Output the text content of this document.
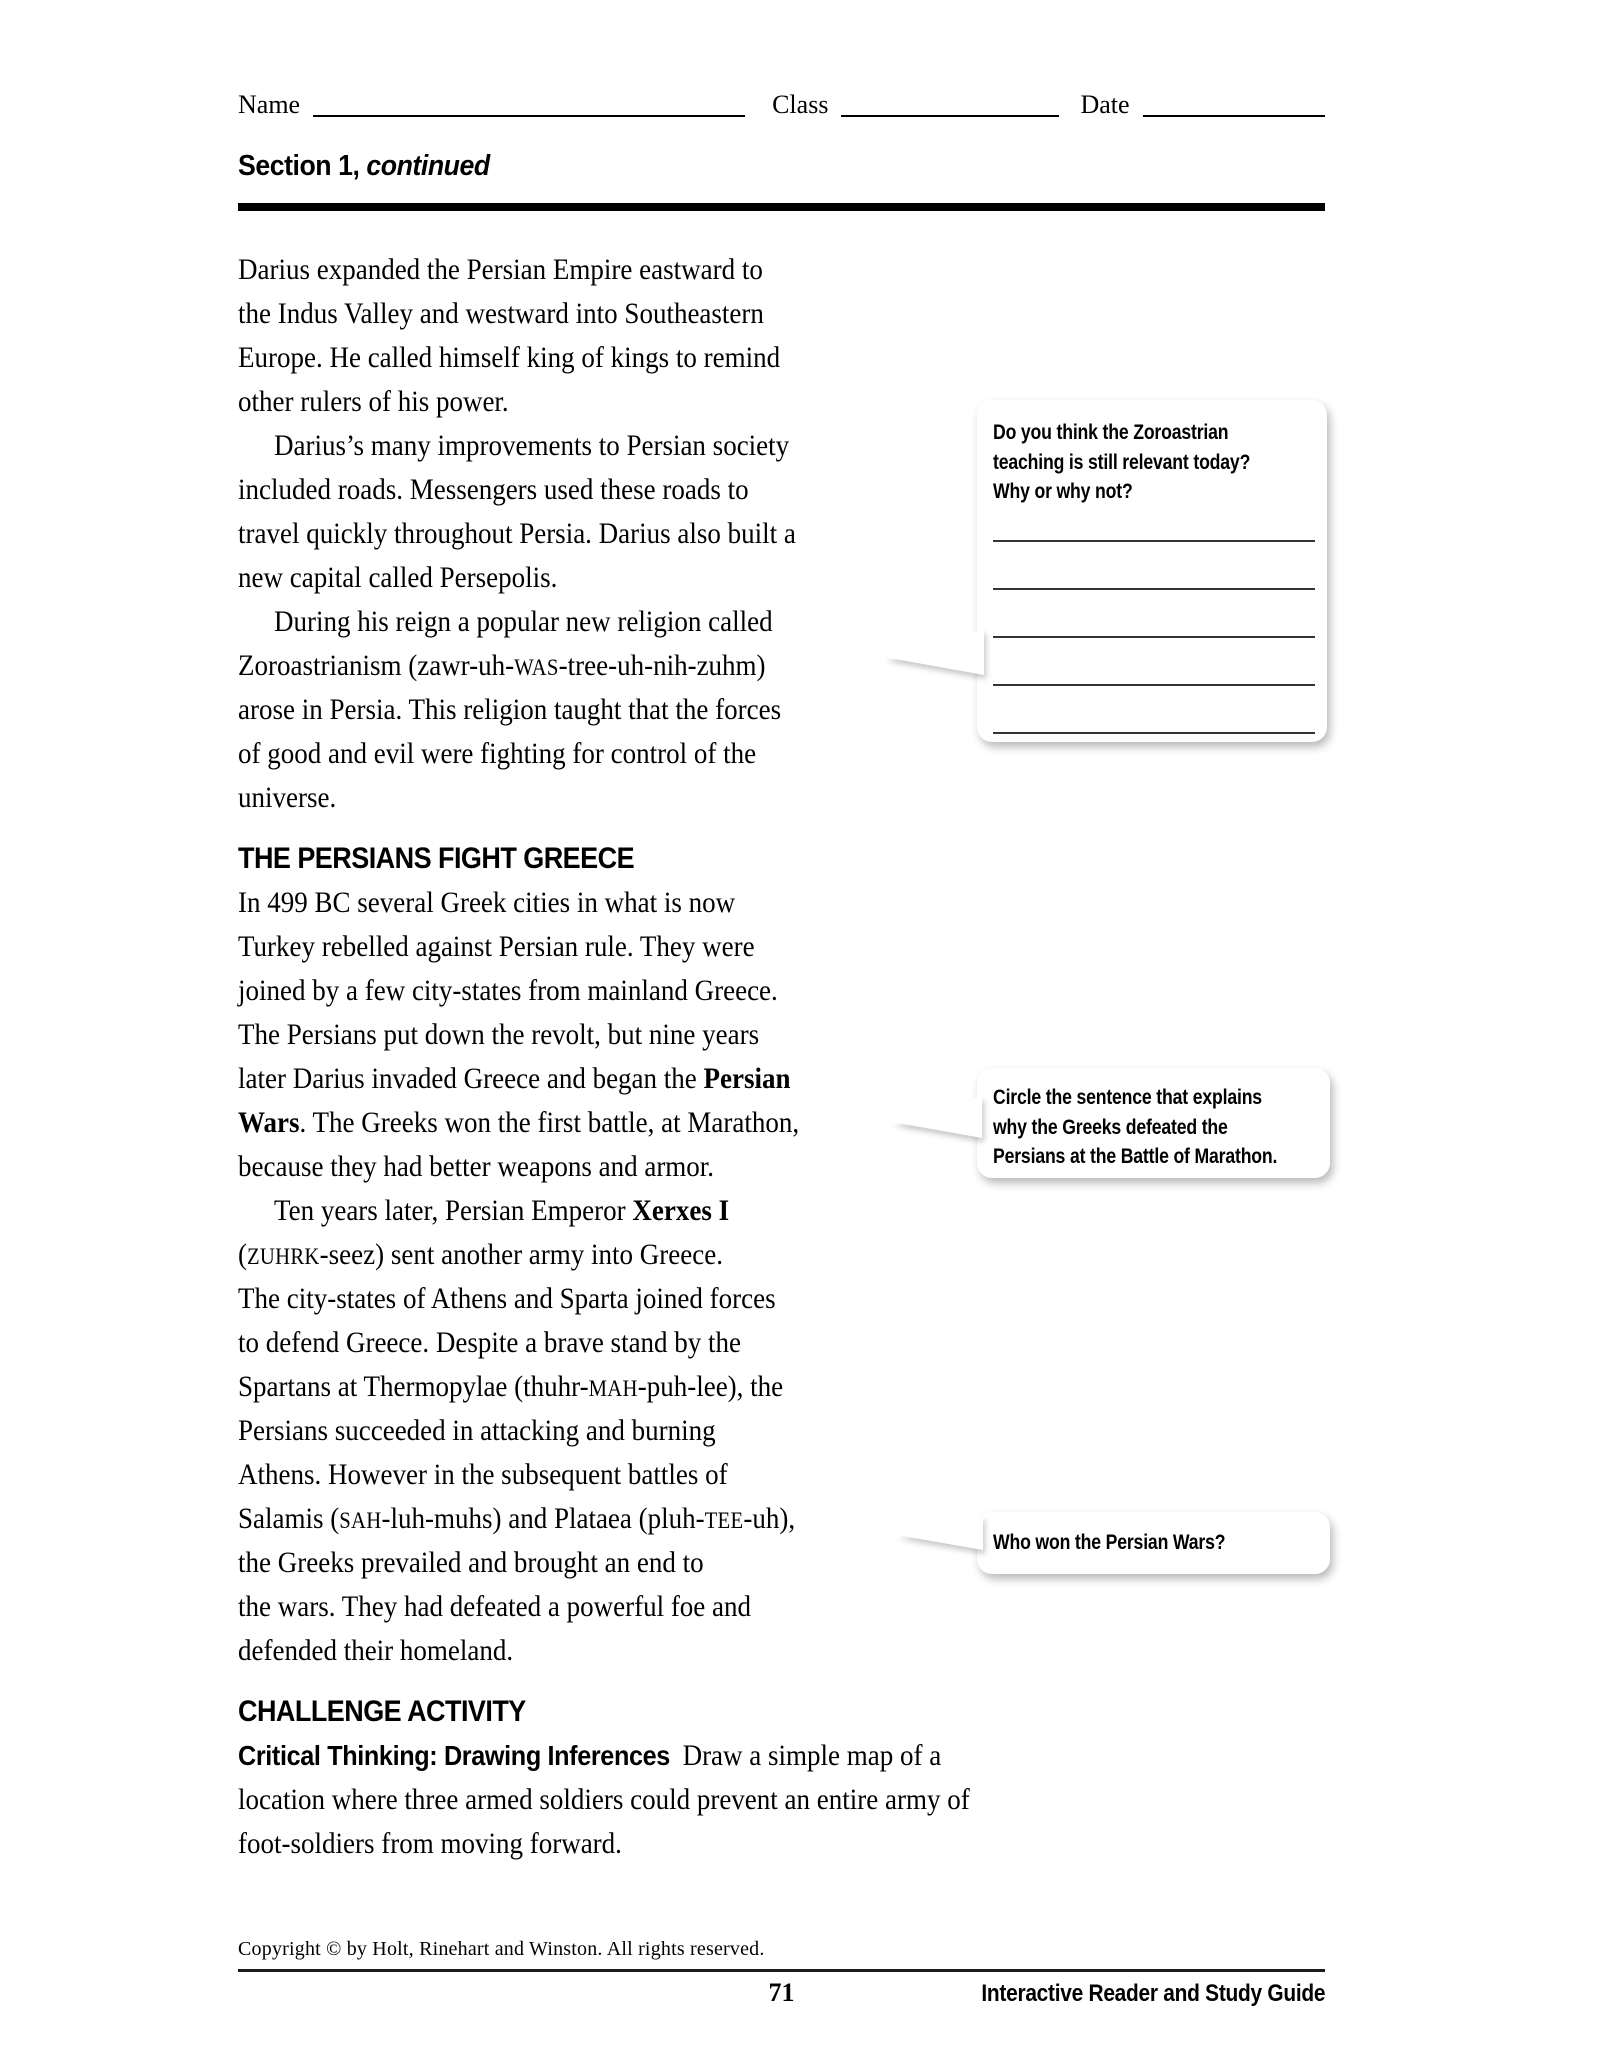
Name	Class	Date
Section 1, continued
Darius expanded the Persian Empire eastward to
the Indus Valley and westward into Southeastern
Europe. He called himself king of kings to remind
other rulers of his power.
Darius’s many improvements to Persian society
included roads. Messengers used these roads to
travel quickly throughout Persia. Darius also built a
new capital called Persepolis.
During his reign a popular new religion called
Zoroastrianism (zawr-uh-WAS-tree-uh-nih-zuhm)
arose in Persia. This religion taught that the forces
of good and evil were fighting for control of the
universe.
THE PERSIANS FIGHT GREECE
In 499 BC several Greek cities in what is now
Turkey rebelled against Persian rule. They were
joined by a few city-states from mainland Greece.
The Persians put down the revolt, but nine years
later Darius invaded Greece and began the Persian
Wars. The Greeks won the first battle, at Marathon,
because they had better weapons and armor.
Ten years later, Persian Emperor Xerxes I
(ZUHRK-seez) sent another army into Greece.
The city-states of Athens and Sparta joined forces
to defend Greece. Despite a brave stand by the
Spartans at Thermopylae (thuhr-MAH-puh-lee), the
Persians succeeded in attacking and burning
Athens. However in the subsequent battles of
Salamis (SAH-luh-muhs) and Plataea (pluh-TEE-uh),
the Greeks prevailed and brought an end to
the wars. They had defeated a powerful foe and
defended their homeland.
CHALLENGE ACTIVITY
Critical Thinking: Drawing Inferences Draw a simple map of a
location where three armed soldiers could prevent an entire army of
foot-soldiers from moving forward.
Do you think the Zoroastrian
teaching is still relevant today?
Why or why not?
Circle the sentence that explains
why the Greeks defeated the
Persians at the Battle of Marathon.
Who won the Persian Wars?
Copyright © by Holt, Rinehart and Winston. All rights reserved.
71	Interactive Reader and Study Guide
